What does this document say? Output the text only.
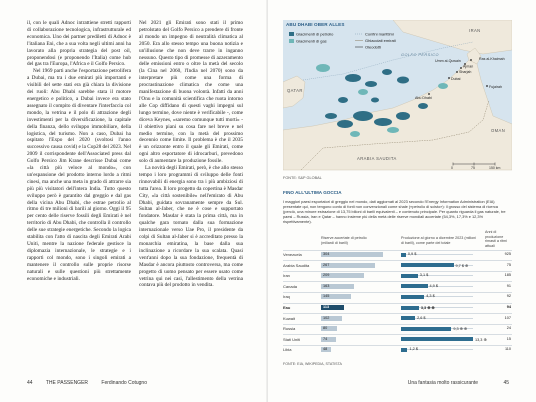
il, con le quali Adnoc intrattiene stretti rapporti di collaborazione tecnologica, infrastrutturale ed economica. Uno dei partner prediletti di Adnoc è l'italiana Eni, che a sua volta negli ultimi anni ha lavorato alla propria strategia del post oil, proponendosi (e proponendo l'Italia) come hub del gas tra l'Europa, l'Africa e il Golfo Persico.

Nel 1969 parti anche l'esportazione petrolifera a Dubai, ma tra i due emirati più importanti e visibili del sette stati era già chiara la divisione dei ruoli: Abu Dhabi sarebbe stata il motore energetico e politico, a Dubai invece era stato assegnato il compito di diventare l'interfaccia col mondo, la vetrina e il polo di attrazione degli investimenti per la diversificazione, la capitale della finanza, dello sviluppo immobiliare, della logistica, del turismo. Non a caso, Dubai ha ospitato l'Expo del 2020 (svoltosi l'anno successivo causa covid) e la Cop28 del 2023. Nel 2009 il corrispondente dell'Associated press dal Golfo Persico Jim Krane descrisse Dubai come «la città più veloce al mondo», con un'espansione del prodotto interno lordo a ritmi cinesi, ma anche una meta in grado di attrarre sia più più visitatori dell'intera India. Tutto questo sviluppo però è garantito dal greggio e dal gas della vicina Abu Dhabi, che estrae petrolio al ritmo di tre milioni di barili al giorno. Oggi il 95 per cento delle riserve fossili degli Emirati è nel territorio di Abu Dhabi, che controlla il controllo delle sue strategie energetiche. Secondo la logica stabilita con l'atto di nascita degli Emirati Arabi Uniti, mentre la nazione federale gestisce la diplomazia internazionale, le strategie e i rapporti col mondo, sono i singoli emirati a mantenere il controllo sulle proprie risorse naturali e sulle questioni più strettamente economiche e industriali.

Nel 2021 gli Emirati sono stati il primo petrolstato del Golfo Persico a prendere di fronte al mondo un impegno di neutralità climatica al 2050. Era allo stesso tempo una buona notizia e un'illusione che non deve trarre in inganno nessuno. Questo tipo di promesse di azzeramento delle emissioni entro o oltre la metà del secolo (la Cina nel 2060, l'India nel 2070) sono da interpretare più come una forma di procrastinazione climatica che come una manifestazione di buona volontà. Infatti da anni l'Onu e la comunità scientifica che ruota intorno alle Cop diffidano di questi vaghi impegni sul lungo termine, dove niente è verificabile -, come diceva Keynes, «saremo comunque tutti morti» - il obiettivo piani su cosa fare nel breve e nel medio termine, con la metà del prossimo decennio come limite. Il problema è che il 2035 è un orizzonte entro il quale gli Emirati, come ogni altro esportatore di idrocarburi, prevedono solo di aumentare la produzione fossile.

La novità degli Emirati, però, è che allo stesso tempo i loro programmi di sviluppo delle fonti rinnovabili di energia sono tra i più ambiziosi di tutta l'area. Il loro progetto da copertina è Masdar City, «la città sostenibile» nell'emirato di Abu Dhabi, guidata sovranamente sempre da Sul. Sultan al-Jaber, che ne è cose e supportato fondatore. Masdar è stata la prima città, ma in qualche gara tornato dalla sua formazione internazionale verso Uae Pro, il presidente da colpi di Sultan al-Jaber si è accreditato presso la monarchia emiratina, la base dalla sua inclinazione a ricordare la sua scalata. Quasi vent'anni dopo la sua fondazione, frequentà di Masdar è ancora piuttosto controversa, ma come progetto di uomo pensato per essere usato come vetrina qui nei casi, l'allestimento della vetrina contava più del prodotto in vendita.

44	THE PASSENGER	Ferdinando Cotugno
Giacimenti di petrolio
Giacimenti di gas
Confini marittimi
Ghiacciati emirati
Oleodotti
QATAR
IRAN
OMAN
ARABIA SAUDITA
GOLFO PERSICO
Abu Dhabi
Dubai
Sharjah
Ajman
Umm al-Quwain	Ras al-Khaimah
Fujairah
0	75	150 km
ABU DHABI OBER ALLES
FONTE: S&P GLOBAL
FINO ALL'ULTIMA GOCCIA
I maggiori paesi esportatori di greggio nel mondo, dati aggiornati al 2023 secondo l'Energy Information Administration (EIA) presentate qui, non tengono conto di fonti non convenzionali come shale («petrolio di scisto»): il grosso del sistema di ricerca (perciò, una minore estrazione di 13,75 bilioni di barili equivalenti – e contenuto principale. Per quanto riguarda il gas naturale, tre paesi – Russia, Iran e Qatar – hanno insieme più della metà delle riserve mondiali accertate (54,3%, 17,3% e 12,3% rispettivamente).
Riserve accertate di petrolio (miliardi di barili)
Produzione al giorno a dicembre 2023 (milioni di barili), come parte del totale
Anni di produzione rimasti a ritmi attuali
Venezuela	304	0,9 $	925
Arabia Saudita	267	9,7 $ ⊕	75
Iran	209	3,1 $	185
Canada	163	4,9 $	91
Iraq	145	4,3 $	92
Eau	113	3,3 ⊕ ⊕	94
Kuwait	102	2,6 $	107
Russia	80	9,3 ⊕ ⊕	24
Stati Uniti	74	13,3 ⊕	15
Libia	48	1,2 $	110
FONTE: EIA, WIKIPEDIA, STATISTA
Una fantasia molto rassicurante	45
